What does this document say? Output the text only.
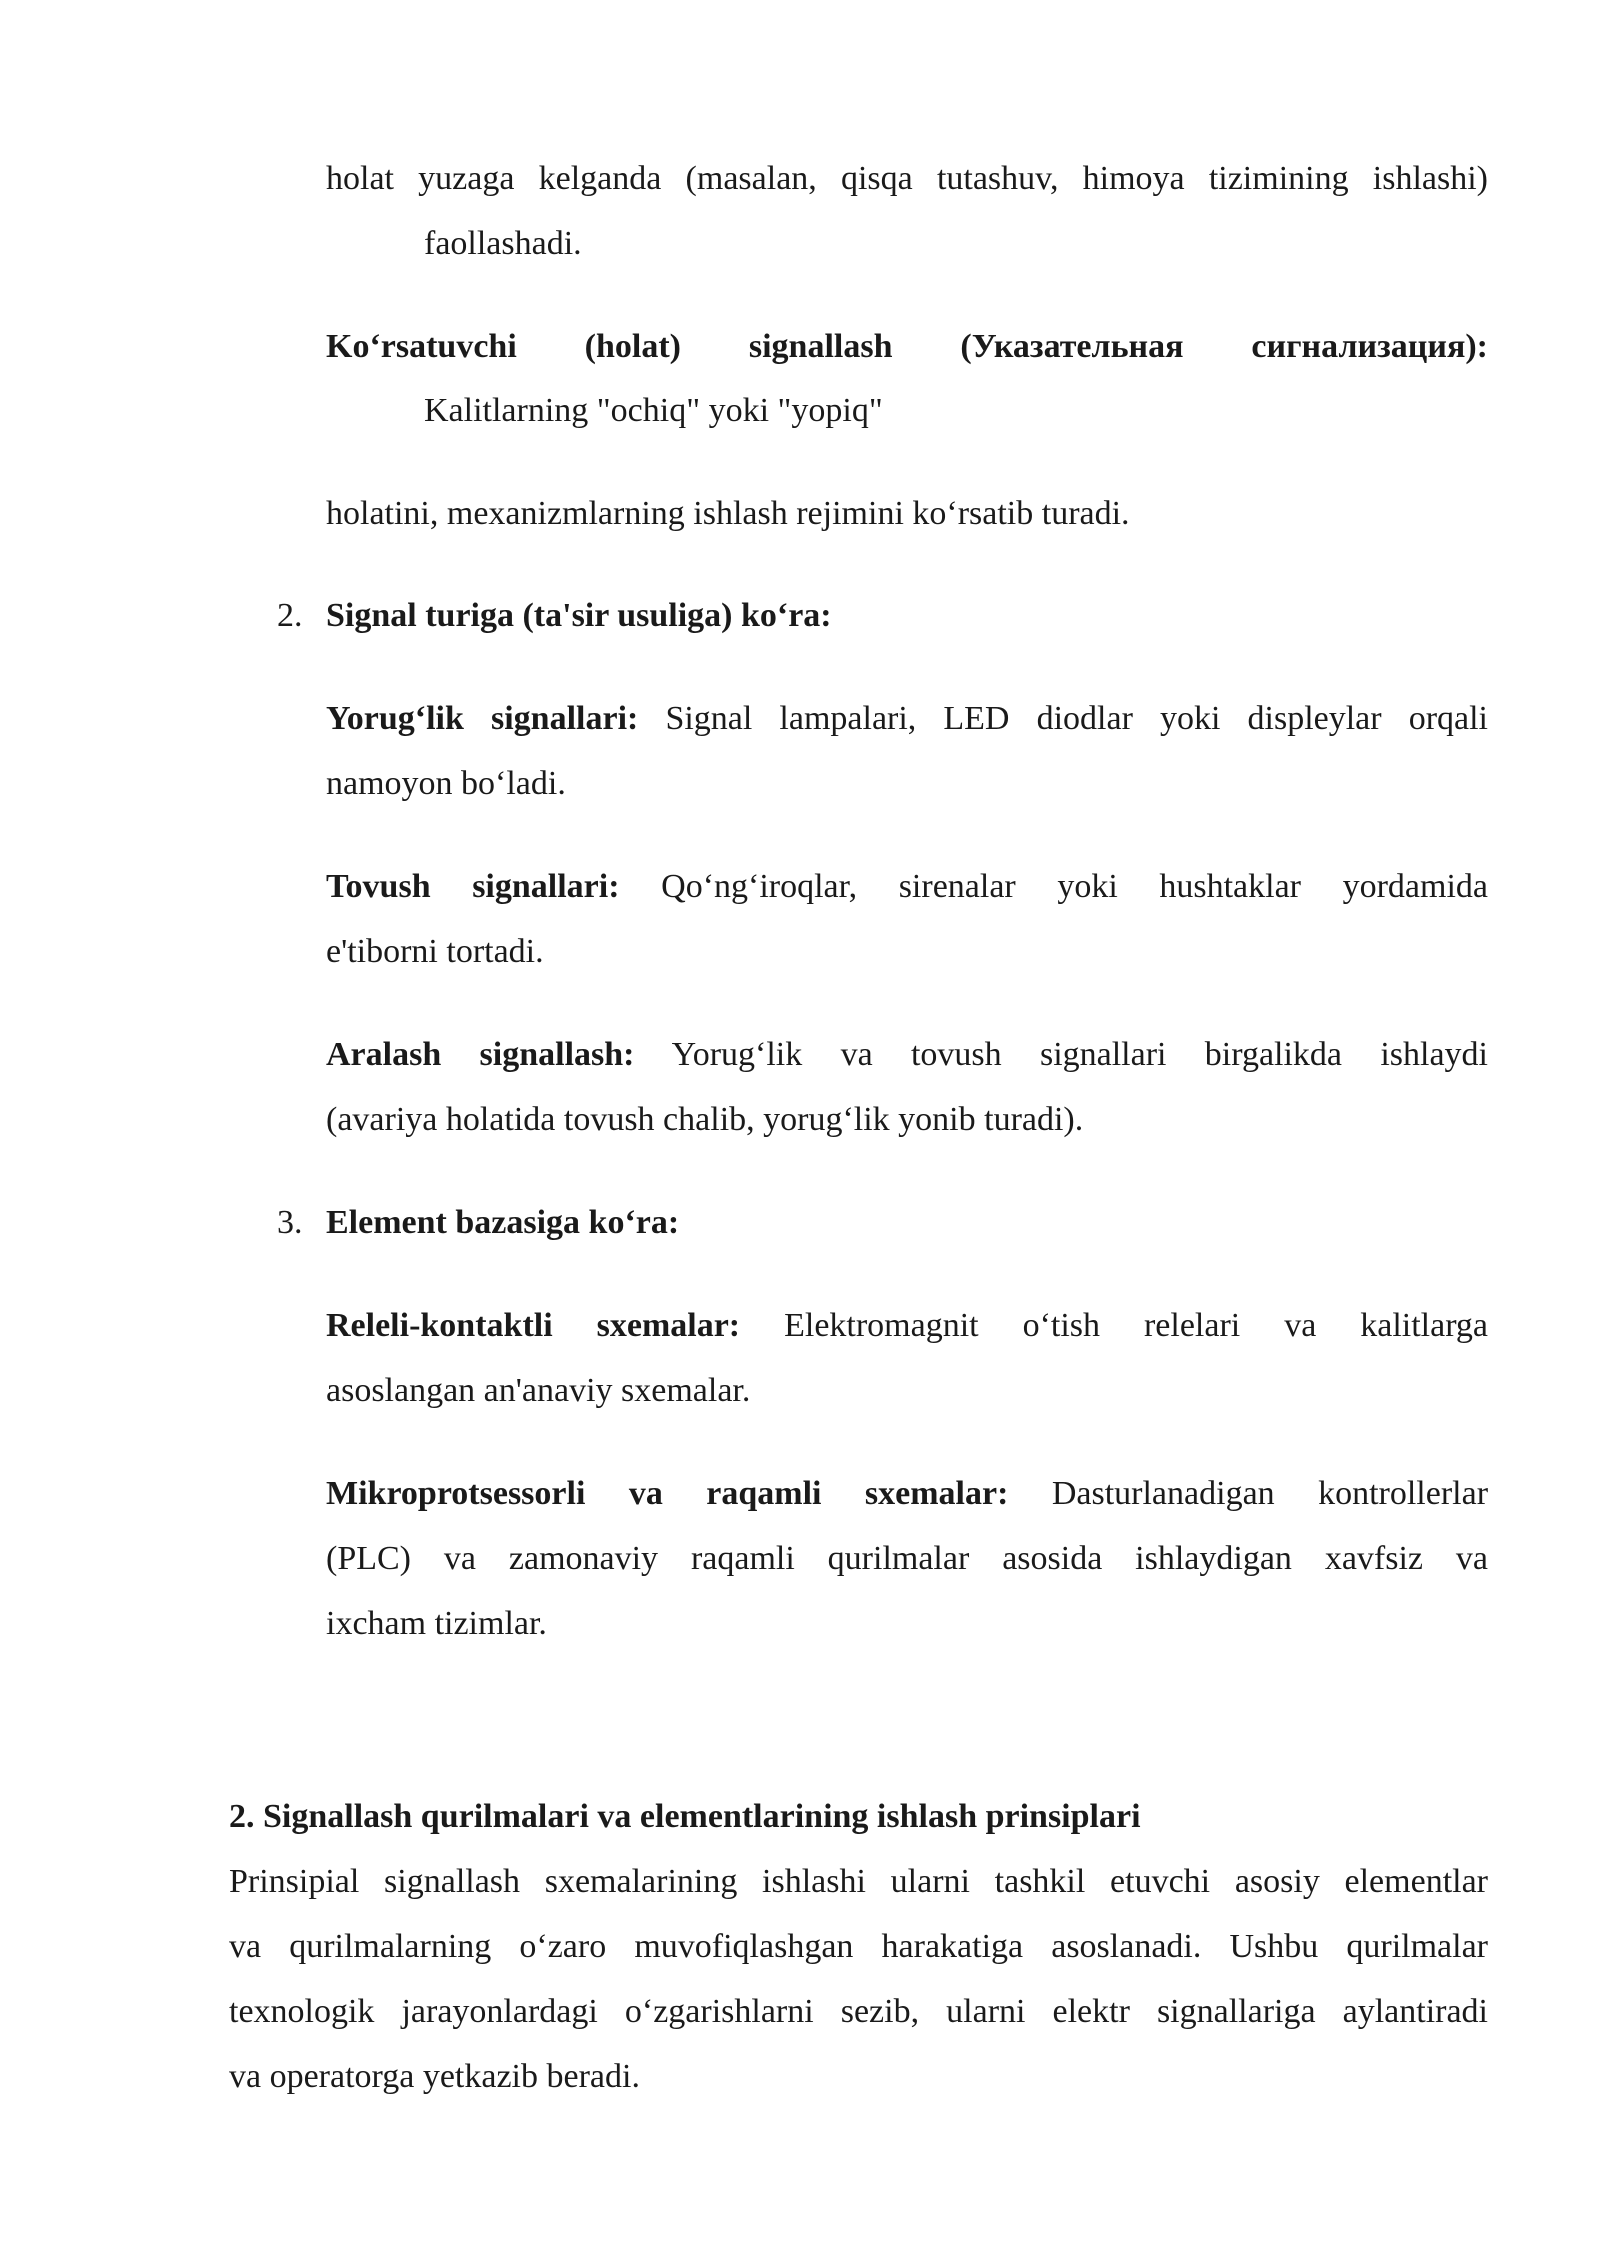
holat yuzaga kelganda (masalan, qisqa tutashuv, himoya tizimining ishlashi)
faollashadi.
Ko‘rsatuvchi (holat) signallash (Указательная сигнализация):
Kalitlarning "ochiq" yoki "yopiq"
holatini, mexanizmlarning ishlash rejimini ko‘rsatib turadi.
2. Signal turiga (ta'sir usuliga) ko‘ra:
Yorug‘lik signallari: Signal lampalari, LED diodlar yoki displeylar orqali
namoyon bo‘ladi.
Tovush signallari: Qo‘ng‘iroqlar, sirenalar yoki hushtaklar yordamida
e'tiborni tortadi.
Aralash signallash: Yorug‘lik va tovush signallari birgalikda ishlaydi
(avariya holatida tovush chalib, yorug‘lik yonib turadi).
3. Element bazasiga ko‘ra:
Releli-kontaktli sxemalar: Elektromagnit o‘tish relelari va kalitlarga
asoslangan an'anaviy sxemalar.
Mikroprotsessorli va raqamli sxemalar: Dasturlanadigan kontrollerlar
(PLC) va zamonaviy raqamli qurilmalar asosida ishlaydigan xavfsiz va
ixcham tizimlar.
2. Signallash qurilmalari va elementlarining ishlash prinsiplari
Prinsipial signallash sxemalarining ishlashi ularni tashkil etuvchi asosiy elementlar
va qurilmalarning o‘zaro muvofiqlashgan harakatiga asoslanadi. Ushbu qurilmalar
texnologik jarayonlardagi o‘zgarishlarni sezib, ularni elektr signallariga aylantiradi
va operatorga yetkazib beradi.
